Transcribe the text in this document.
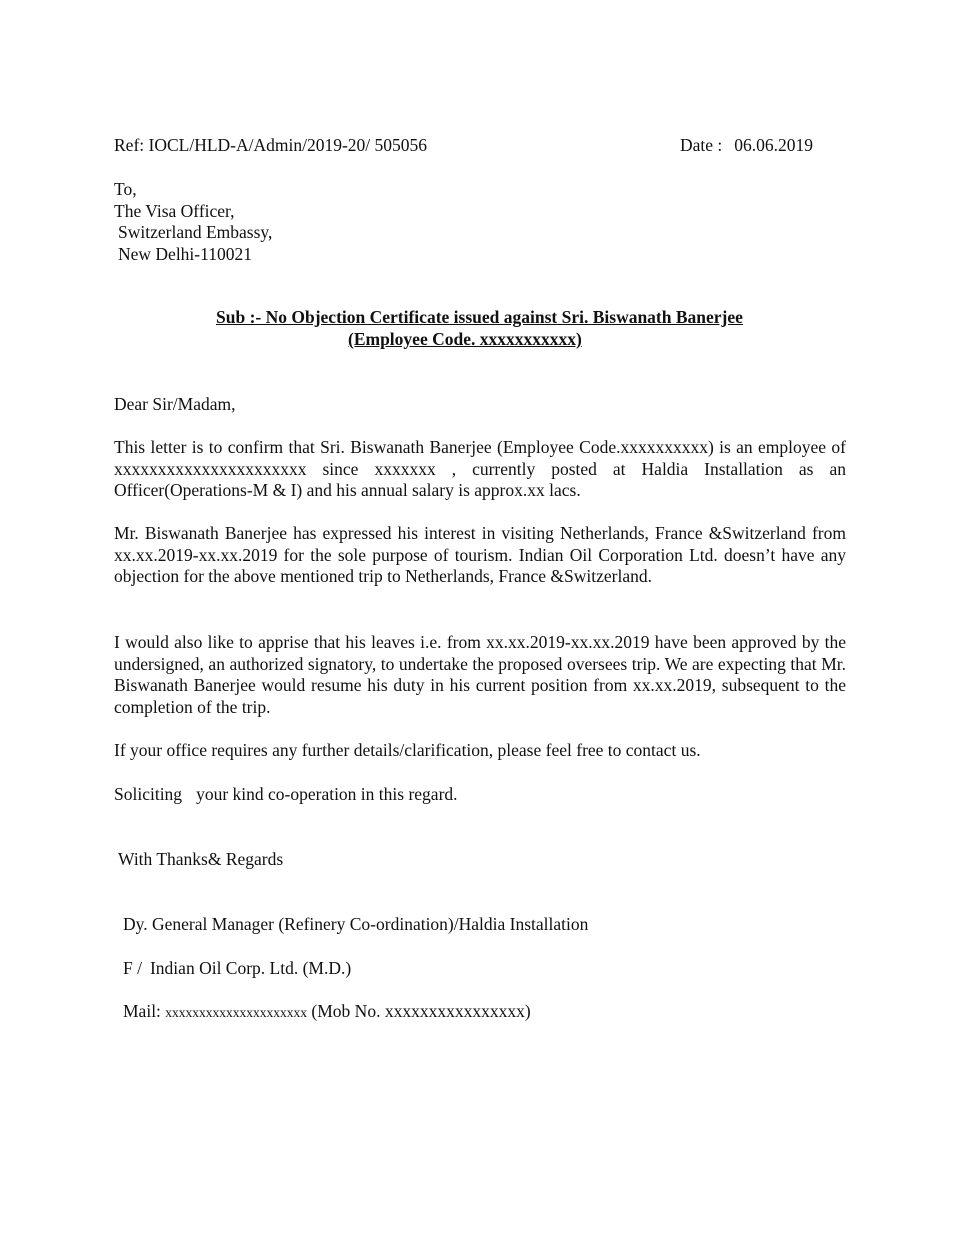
Ref: IOCL/HLD-A/Admin/2019-20/ 505056	Date : 06.06.2019
To,
The Visa Officer,
Switzerland Embassy,
New Delhi-110021
Sub :- No Objection Certificate issued against Sri. Biswanath Banerjee
(Employee Code. xxxxxxxxxxx)
Dear Sir/Madam,
This letter is to confirm that Sri. Biswanath Banerjee (Employee Code.xxxxxxxxxx) is an employee of xxxxxxxxxxxxxxxxxxxxxx since xxxxxxx , currently posted at Haldia Installation as an Officer(Operations-M & I) and his annual salary is approx.xx lacs.
Mr. Biswanath Banerjee has expressed his interest in visiting Netherlands, France &Switzerland from xx.xx.2019-xx.xx.2019 for the sole purpose of tourism. Indian Oil Corporation Ltd. doesn’t have any objection for the above mentioned trip to Netherlands, France &Switzerland.
I would also like to apprise that his leaves i.e. from xx.xx.2019-xx.xx.2019 have been approved by the undersigned, an authorized signatory, to undertake the proposed oversees trip. We are expecting that Mr. Biswanath Banerjee would resume his duty in his current position from xx.xx.2019, subsequent to the completion of the trip.
If your office requires any further details/clarification, please feel free to contact us.
Soliciting your kind co-operation in this regard.
With Thanks& Regards
Dy. General Manager (Refinery Co-ordination)/Haldia Installation
F / Indian Oil Corp. Ltd. (M.D.)
Mail: xxxxxxxxxxxxxxxxxxxxx (Mob No. xxxxxxxxxxxxxxxx)
